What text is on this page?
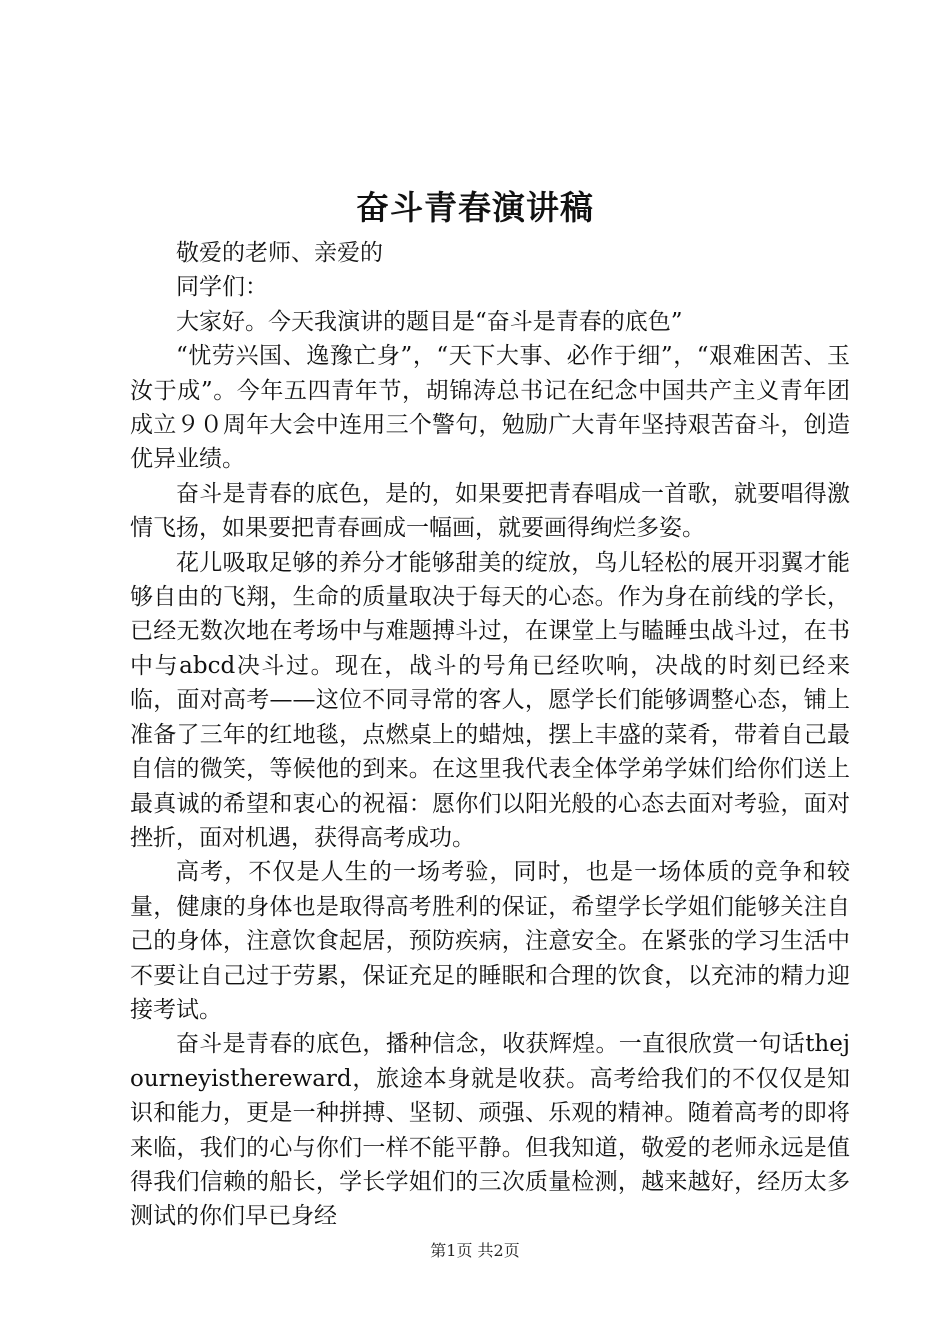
奋斗青春演讲稿

敬爱的老师、亲爱的

同学们：

大家好。今天我演讲的题目是“奋斗是青春的底色”

“忧劳兴国、逸豫亡身”，“天下大事、必作于细”，“艰难困苦、玉汝于成”。今年五四青年节，胡锦涛总书记在纪念中国共产主义青年团成立９０周年大会中连用三个警句，勉励广大青年坚持艰苦奋斗，创造优异业绩。

奋斗是青春的底色，是的，如果要把青春唱成一首歌，就要唱得激情飞扬，如果要把青春画成一幅画，就要画得绚烂多姿。

花儿吸取足够的养分才能够甜美的绽放，鸟儿轻松的展开羽翼才能够自由的飞翔，生命的质量取决于每天的心态。作为身在前线的学长，已经无数次地在考场中与难题搏斗过，在课堂上与瞌睡虫战斗过，在书中与abcd决斗过。现在，战斗的号角已经吹响，决战的时刻已经来临，面对高考——这位不同寻常的客人，愿学长们能够调整心态，铺上准备了三年的红地毯，点燃桌上的蜡烛，摆上丰盛的菜肴，带着自己最自信的微笑，等候他的到来。在这里我代表全体学弟学妹们给你们送上最真诚的希望和衷心的祝福：愿你们以阳光般的心态去面对考验，面对挫折，面对机遇，获得高考成功。

高考，不仅是人生的一场考验，同时，也是一场体质的竞争和较量，健康的身体也是取得高考胜利的保证，希望学长学姐们能够关注自己的身体，注意饮食起居，预防疾病，注意安全。在紧张的学习生活中不要让自己过于劳累，保证充足的睡眠和合理的饮食，以充沛的精力迎接考试。

奋斗是青春的底色，播种信念，收获辉煌。一直很欣赏一句话thejourneyisthereward，旅途本身就是收获。高考给我们的不仅仅是知识和能力，更是一种拼搏、坚韧、顽强、乐观的精神。随着高考的即将来临，我们的心与你们一样不能平静。但我知道，敬爱的老师永远是值得我们信赖的船长，学长学姐们的三次质量检测，越来越好，经历太多测试的你们早已身经

第1页 共2页
